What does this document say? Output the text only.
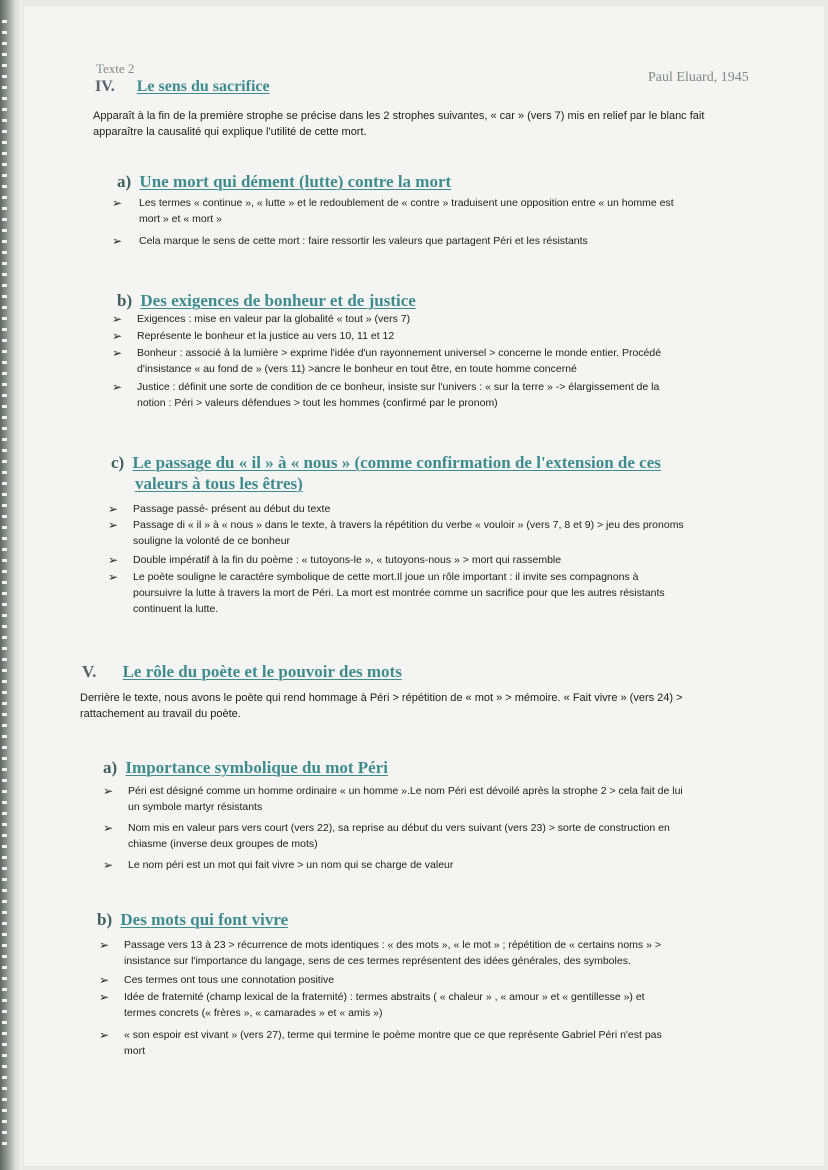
Texte 2
Paul Eluard, 1945
IV. Le sens du sacrifice
Apparaît à la fin de la première strophe se précise dans les 2 strophes suivantes, « car » (vers 7) mis en relief par le blanc fait
apparaître la causalité qui explique l'utilité de cette mort.
a) Une mort qui dément (lutte) contre la mort
➢ Les termes « continue », « lutte » et le redoublement de « contre » traduisent une opposition entre « un homme est
mort » et « mort »
➢ Cela marque le sens de cette mort : faire ressortir les valeurs que partagent Péri et les résistants
b) Des exigences de bonheur et de justice
➢ Exigences : mise en valeur par la globalité « tout » (vers 7)
➢ Représente le bonheur et la justice au vers 10, 11 et 12
➢ Bonheur : associé à la lumière > exprime l'idée d'un rayonnement universel > concerne le monde entier. Procédé
d'insistance « au fond de » (vers 11) >ancre le bonheur en tout être, en toute homme concerné
➢ Justice : définit une sorte de condition de ce bonheur, insiste sur l'univers : « sur la terre » -> élargissement de la
notion : Péri > valeurs défendues > tout les hommes (confirmé par le pronom)
c) Le passage du « il » à « nous » (comme confirmation de l'extension de ces
valeurs à tous les êtres)
➢ Passage passé- présent au début du texte
➢ Passage di « il » à « nous » dans le texte, à travers la répétition du verbe « vouloir » (vers 7, 8 et 9) > jeu des pronoms
souligne la volonté de ce bonheur
➢ Double impératif à la fin du poème : « tutoyons-le », « tutoyons-nous » > mort qui rassemble
➢ Le poète souligne le caractère symbolique de cette mort.Il joue un rôle important : il invite ses compagnons à
poursuivre la lutte à travers la mort de Péri. La mort est montrée comme un sacrifice pour que les autres résistants
continuent la lutte.
V. Le rôle du poète et le pouvoir des mots
Derrière le texte, nous avons le poète qui rend hommage à Péri > répétition de « mot » > mémoire. « Fait vivre » (vers 24) >
rattachement au travail du poète.
a) Importance symbolique du mot Péri
➢ Péri est désigné comme un homme ordinaire « un homme ».Le nom Péri est dévoilé après la strophe 2 > cela fait de lui
un symbole martyr résistants
➢ Nom mis en valeur pars vers court (vers 22), sa reprise au début du vers suivant (vers 23) > sorte de construction en
chiasme (inverse deux groupes de mots)
➢ Le nom péri est un mot qui fait vivre > un nom qui se charge de valeur
b) Des mots qui font vivre
➢ Passage vers 13 à 23 > récurrence de mots identiques : « des mots », « le mot » ; répétition de « certains noms » >
insistance sur l'importance du langage, sens de ces termes représentent des idées générales, des symboles.
➢ Ces termes ont tous une connotation positive
➢ Idée de fraternité (champ lexical de la fraternité) : termes abstraits ( « chaleur » , « amour » et « gentillesse ») et
termes concrets (« frères », « camarades » et « amis »)
➢ « son espoir est vivant » (vers 27), terme qui termine le poème montre que ce que représente Gabriel Péri n'est pas
mort
